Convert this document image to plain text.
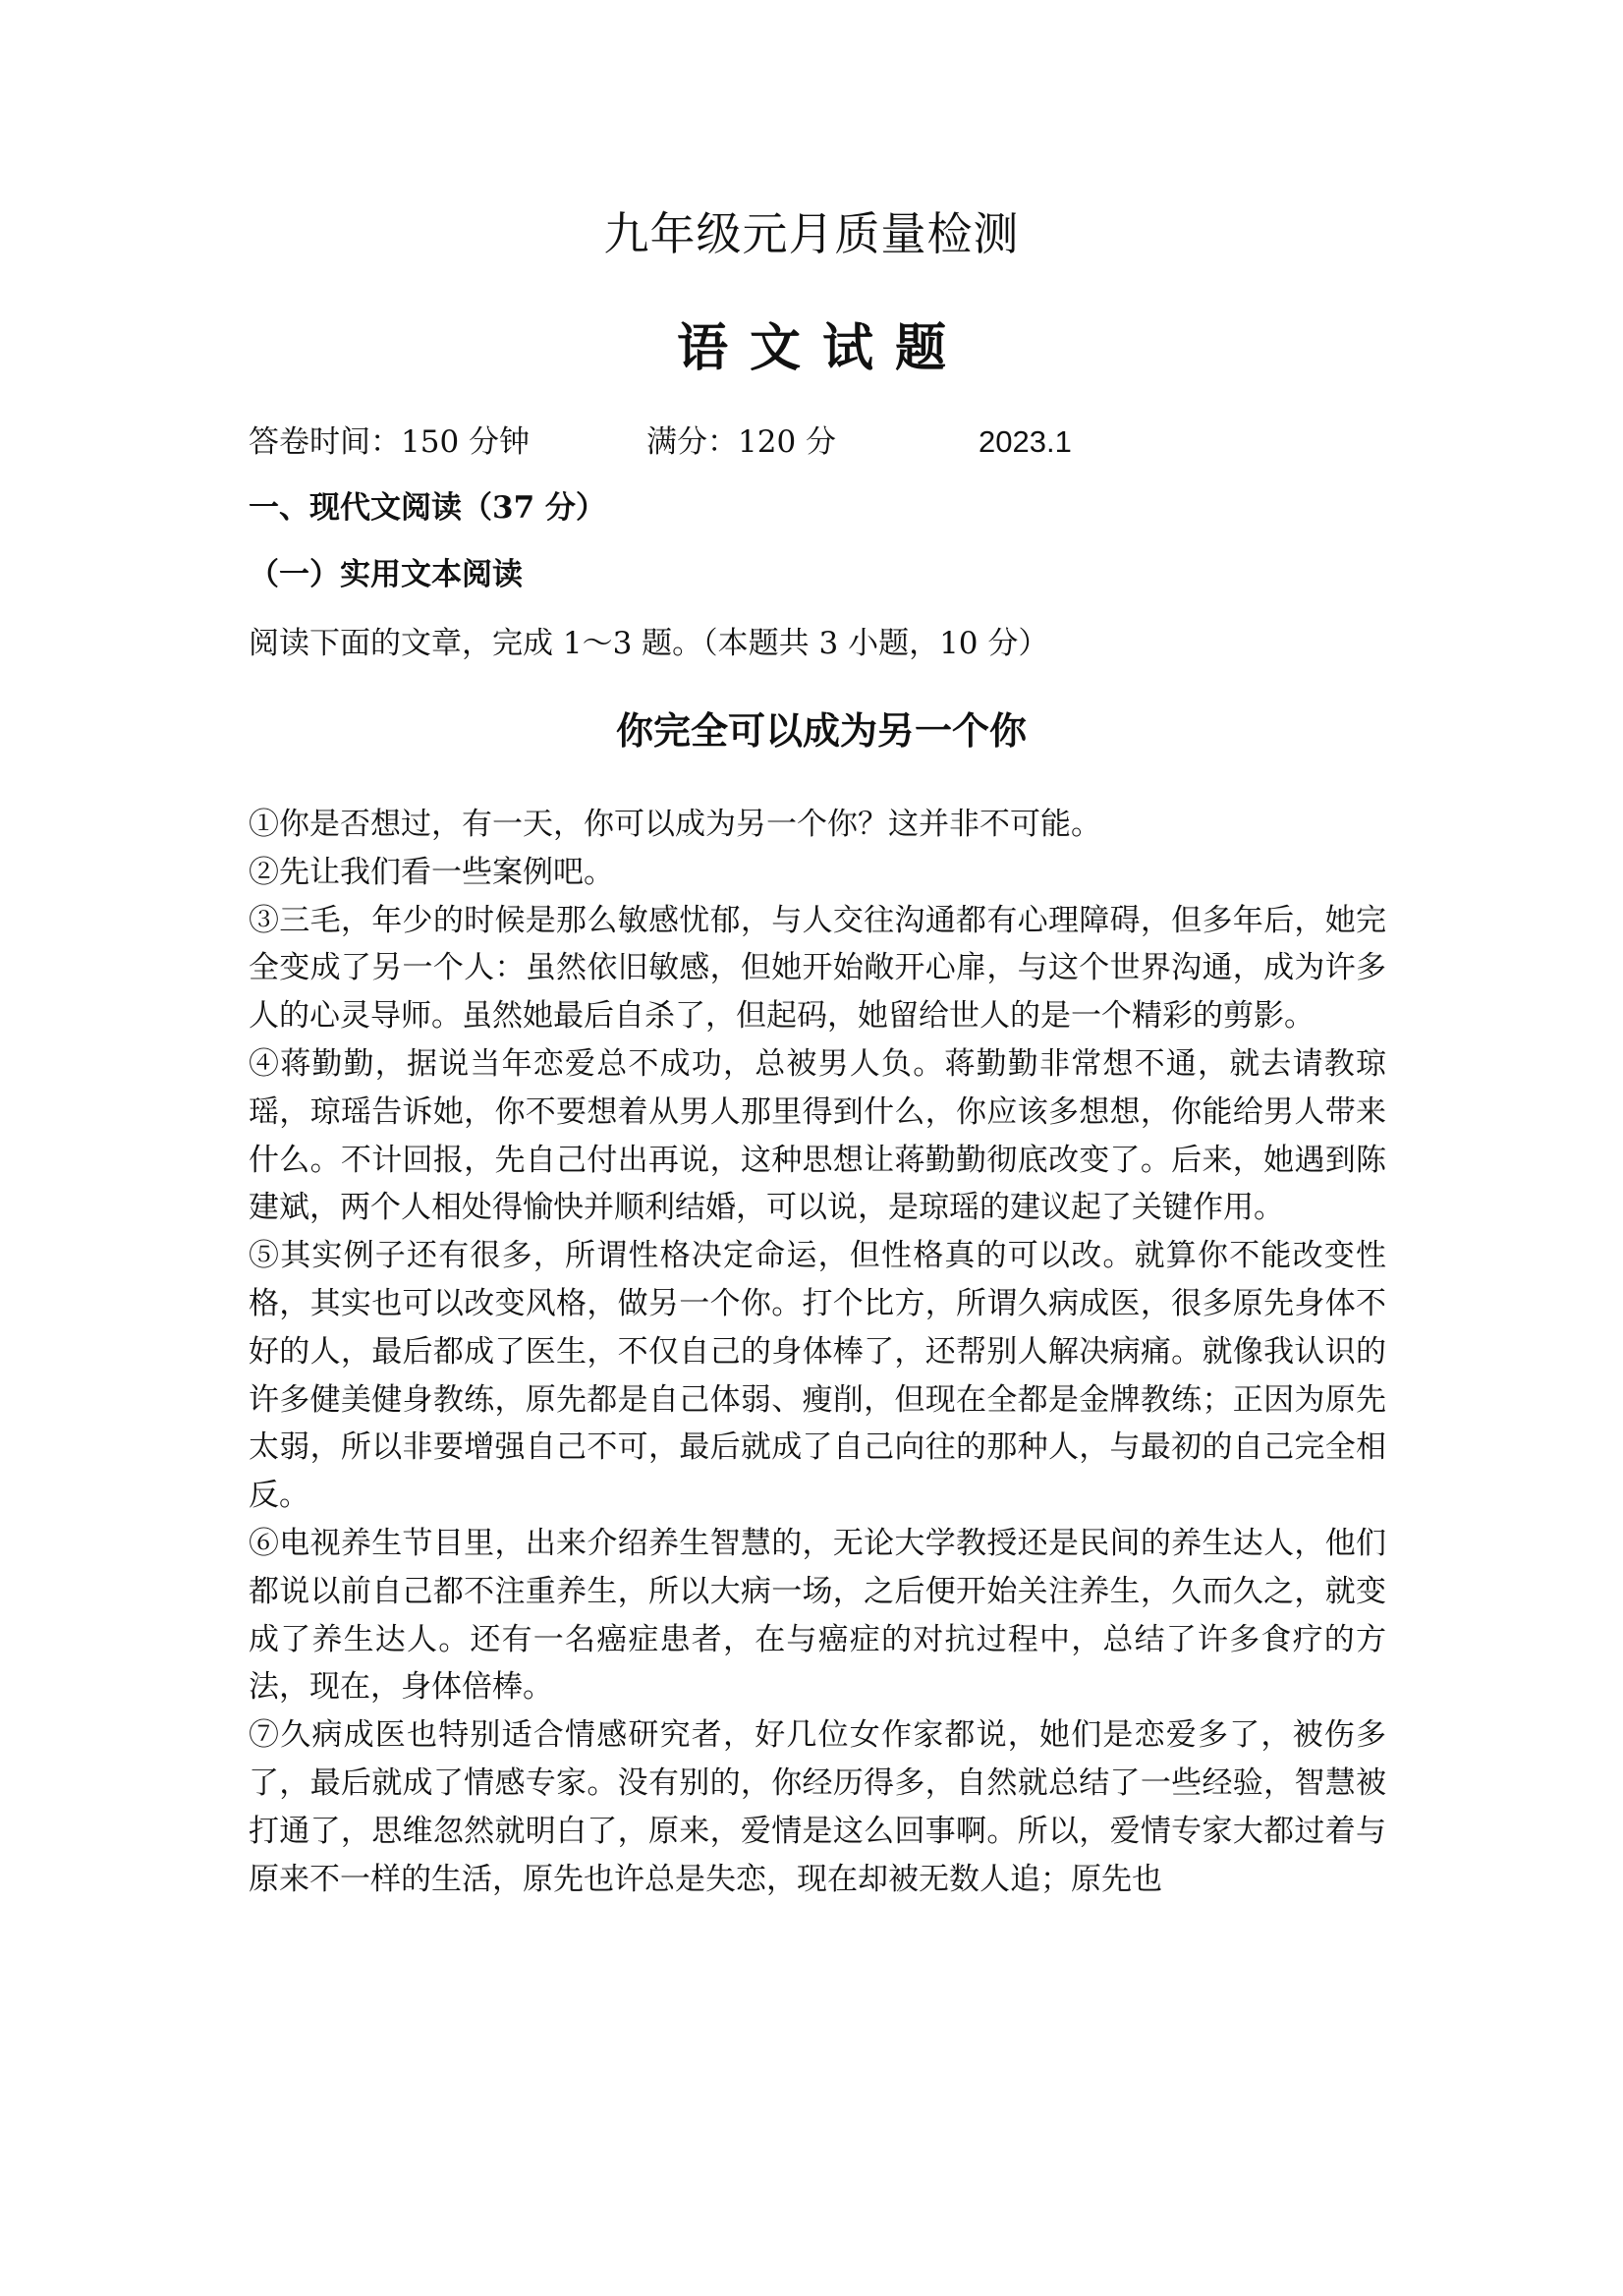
九年级元月质量检测
语文试题
答卷时间：150 分钟	满分：120 分	2023.1
一、现代文阅读（37 分）
（一）实用文本阅读
阅读下面的文章，完成 1～3 题。（本题共 3 小题，10 分）
你完全可以成为另一个你

①你是否想过，有一天，你可以成为另一个你？这并非不可能。

②先让我们看一些案例吧。

③三毛，年少的时候是那么敏感忧郁，与人交往沟通都有心理障碍，但多年后，她完全变成了另一个人：虽然依旧敏感，但她开始敞开心扉，与这个世界沟通，成为许多人的心灵导师。虽然她最后自杀了，但起码，她留给世人的是一个精彩的剪影。

④蒋勤勤，据说当年恋爱总不成功，总被男人负。蒋勤勤非常想不通，就去请教琼瑶，琼瑶告诉她，你不要想着从男人那里得到什么，你应该多想想，你能给男人带来什么。不计回报，先自己付出再说，这种思想让蒋勤勤彻底改变了。后来，她遇到陈建斌，两个人相处得愉快并顺利结婚，可以说，是琼瑶的建议起了关键作用。

⑤其实例子还有很多，所谓性格决定命运，但性格真的可以改。就算你不能改变性格，其实也可以改变风格，做另一个你。打个比方，所谓久病成医，很多原先身体不好的人，最后都成了医生，不仅自己的身体棒了，还帮别人解决病痛。就像我认识的许多健美健身教练，原先都是自己体弱、瘦削，但现在全都是金牌教练；正因为原先太弱，所以非要增强自己不可，最后就成了自己向往的那种人，与最初的自己完全相反。

⑥电视养生节目里，出来介绍养生智慧的，无论大学教授还是民间的养生达人，他们都说以前自己都不注重养生，所以大病一场，之后便开始关注养生，久而久之，就变成了养生达人。还有一名癌症患者，在与癌症的对抗过程中，总结了许多食疗的方法，现在，身体倍棒。

⑦久病成医也特别适合情感研究者，好几位女作家都说，她们是恋爱多了，被伤多了，最后就成了情感专家。没有别的，你经历得多，自然就总结了一些经验，智慧被打通了，思维忽然就明白了，原来，爱情是这么回事啊。所以，爱情专家大都过着与原来不一样的生活，原先也许总是失恋，现在却被无数人追；原先也
